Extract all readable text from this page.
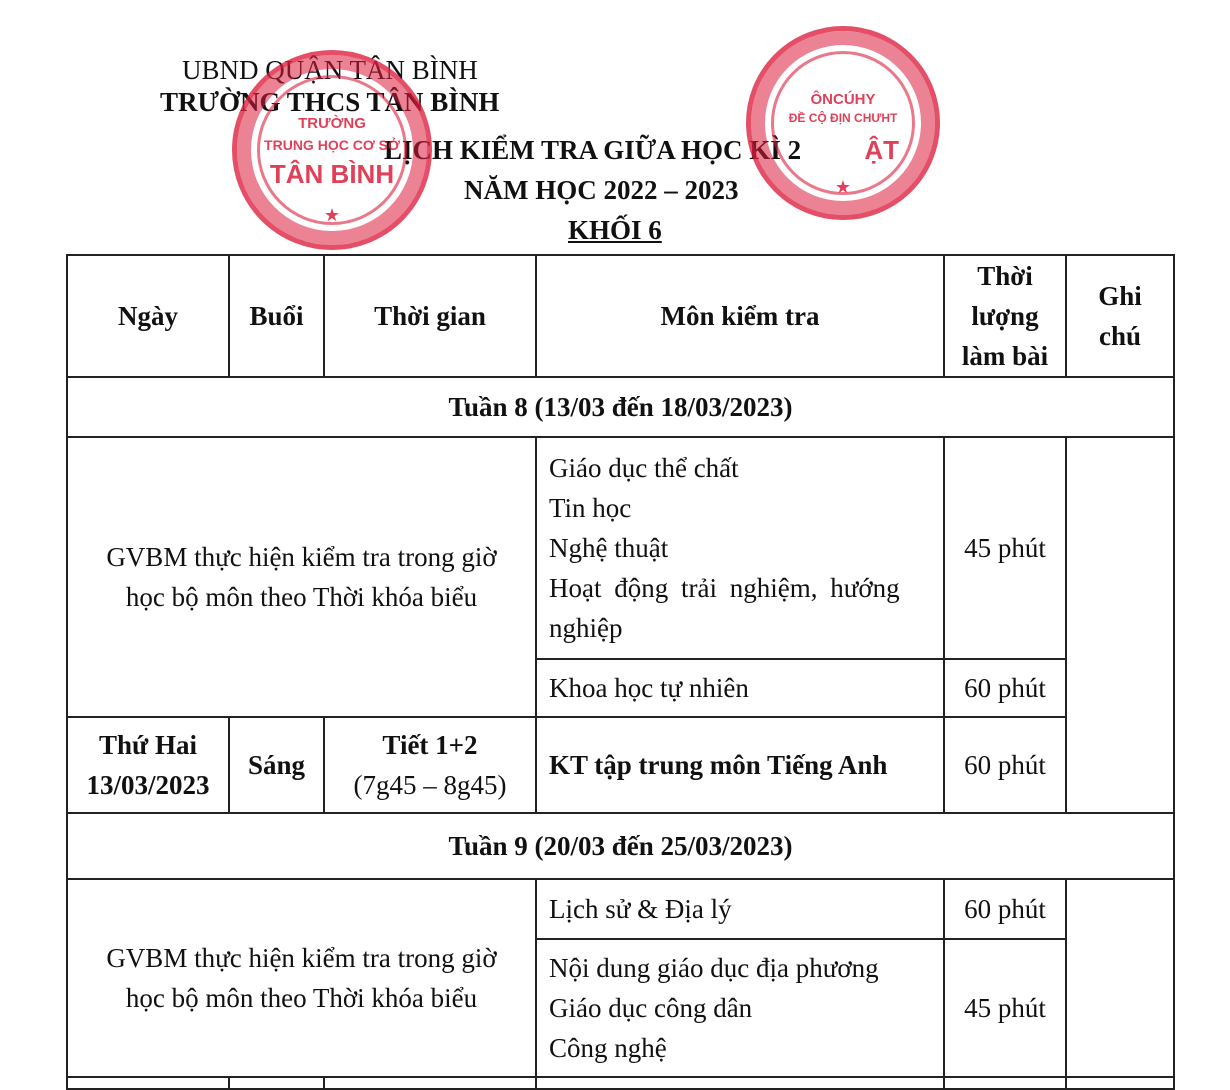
UBND QUẬN TÂN BÌNH
TRƯỜNG THCS TÂN BÌNH
LỊCH KIỂM TRA GIỮA HỌC KÌ 2
NĂM HỌC 2022 – 2023
KHỐI 6
TRƯỜNG
TRUNG HỌC CƠ SỞ
TÂN BÌNH
★
ÔNCÚHY
ĐỀ CỘ ĐỊN CHƯHT
ẬT
★
Ngày	Buổi	Thời gian	Môn kiểm tra	Thời
lượng
làm bài	Ghi
chú

Tuần 8 (13/03 đến 18/03/2023)					

GVBM thực hiện kiểm tra trong giờ
học bộ môn theo Thời khóa biểu			Giáo dục thể chất
Tin học
Nghệ thuật
Hoạt động trải nghiệm, hướng
nghiệp	45 phút	
			Khoa học tự nhiên	60 phút	

Thứ Hai
13/03/2023	Sáng	Tiết 1+2
(7g45 – 8g45)	KT tập trung môn Tiếng Anh	60 phút	
Tuần 9 (20/03 đến 25/03/2023)					

GVBM thực hiện kiểm tra trong giờ
học bộ môn theo Thời khóa biểu			Lịch sử & Địa lý	60 phút	

			Nội dung giáo dục địa phương
Giáo dục công dân
Công nghệ	45 phút	
